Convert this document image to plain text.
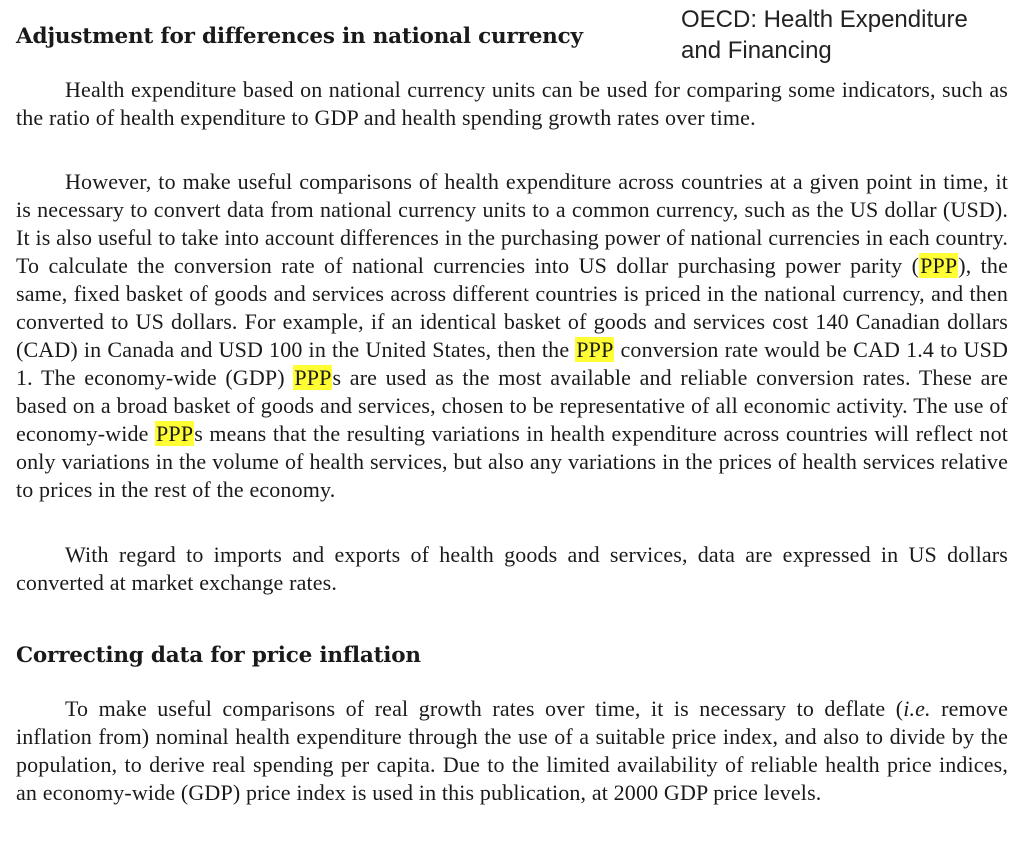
OECD: Health Expenditure
and Financing
Adjustment for differences in national currency

Health expenditure based on national currency units can be used for comparing some indicators, such as the ratio of health expenditure to GDP and health spending growth rates over time.

However, to make useful comparisons of health expenditure across countries at a given point in time, it is necessary to convert data from national currency units to a common currency, such as the US dollar (USD). It is also useful to take into account differences in the purchasing power of national currencies in each country. To calculate the conversion rate of national currencies into US dollar purchasing power parity (PPP), the same, fixed basket of goods and services across different countries is priced in the national currency, and then converted to US dollars. For example, if an identical basket of goods and services cost 140 Canadian dollars (CAD) in Canada and USD 100 in the United States, then the PPP conversion rate would be CAD 1.4 to USD 1. The economy-wide (GDP) PPPs are used as the most available and reliable conversion rates. These are based on a broad basket of goods and services, chosen to be representative of all economic activity. The use of economy-wide PPPs means that the resulting variations in health expenditure across countries will reflect not only variations in the volume of health services, but also any variations in the prices of health services relative to prices in the rest of the economy.

With regard to imports and exports of health goods and services, data are expressed in US dollars converted at market exchange rates.

Correcting data for price inflation

To make useful comparisons of real growth rates over time, it is necessary to deflate (i.e. remove inflation from) nominal health expenditure through the use of a suitable price index, and also to divide by the population, to derive real spending per capita. Due to the limited availability of reliable health price indices, an economy-wide (GDP) price index is used in this publication, at 2000 GDP price levels.
